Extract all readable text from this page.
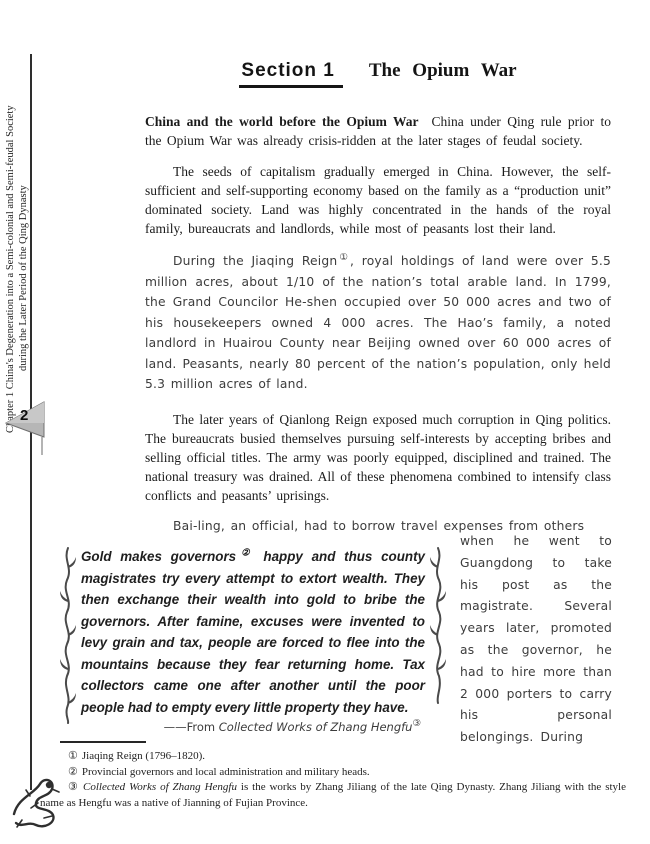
Chapter 1 China's Degeneration into a Semi-colonial and Semi-feudal Society during the Later Period of the Qing Dynasty
2
Section 1 The Opium War

China and the world before the Opium War China under Qing rule prior to the Opium War was already crisis-ridden at the later stages of feudal society.

The seeds of capitalism gradually emerged in China. However, the self-sufficient and self-supporting economy based on the family as a “production unit” dominated society. Land was highly concentrated in the hands of the royal family, bureaucrats and landlords, while most of peasants lost their land.

During the Jiaqing Reign①, royal holdings of land were over 5.5 million acres, about 1/10 of the nation’s total arable land. In 1799, the Grand Councilor He-shen occupied over 50 000 acres and two of his housekeepers owned 4 000 acres. The Hao’s family, a noted landlord in Huairou County near Beijing owned over 60 000 acres of land. Peasants, nearly 80 percent of the nation’s population, only held 5.3 million acres of land.

The later years of Qianlong Reign exposed much corruption in Qing politics. The bureaucrats busied themselves pursuing self-interests by accepting bribes and selling official titles. The army was poorly equipped, disciplined and trained. The national treasury was drained. All of these phenomena combined to intensify class conflicts and peasants’ uprisings.

Bai-ling, an official, had to borrow travel expenses from others

Gold makes governors② happy and thus county magistrates try every attempt to extort wealth. They then exchange their wealth into gold to bribe the governors. After famine, excuses were invented to levy grain and tax, people are forced to flee into the mountains because they fear returning home. Tax collectors came one after another until the poor people had to empty every little property they have.

——From Collected Works of Zhang Hengfu③

when he went to Guangdong to take his post as the magistrate. Several years later, promoted as the governor, he had to hire more than 2 000 porters to carry his personal belongings. During

① Jiaqing Reign (1796–1820).

② Provincial governors and local administration and military heads.

③ Collected Works of Zhang Hengfu is the works by Zhang Jiliang of the late Qing Dynasty. Zhang Jiliang with the style name as Hengfu was a native of Jianning of Fujian Province.
